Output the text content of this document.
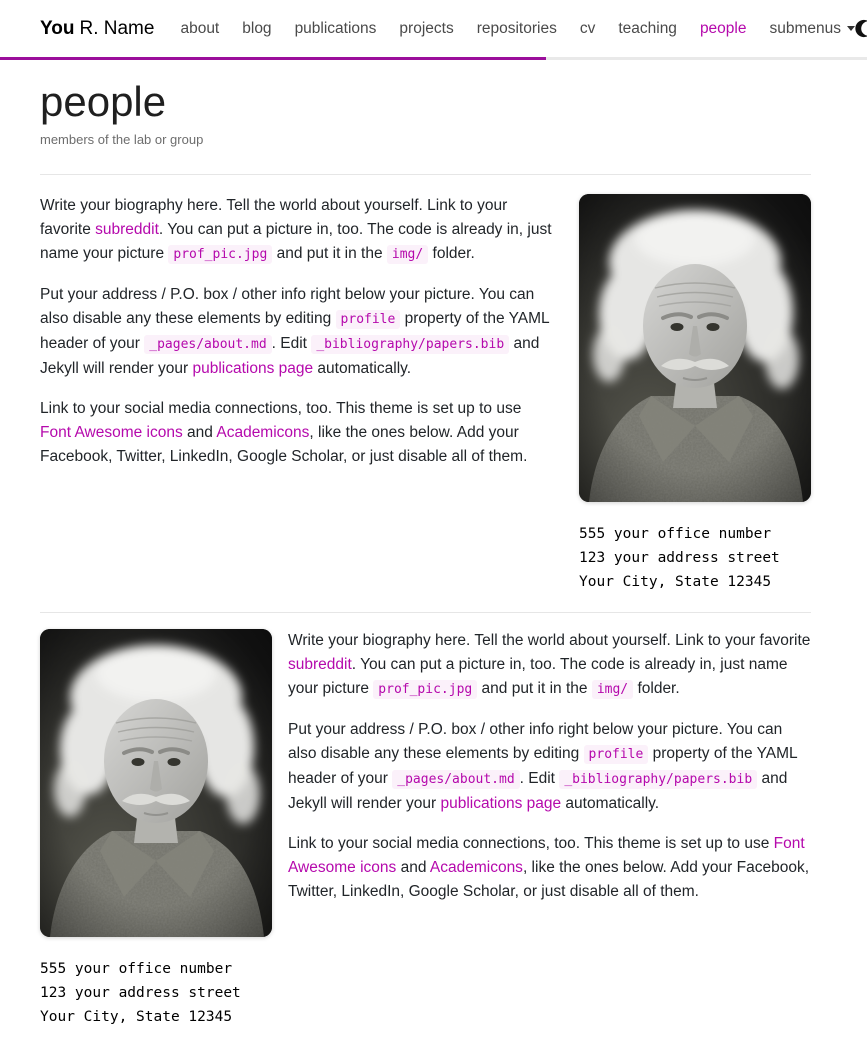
You R. Name about blog publications projects repositories cv teaching people submenus
people

members of the lab or group

Write your biography here. Tell the world about yourself. Link to your favorite subreddit. You can put a picture in, too. The code is already in, just name your picture prof_pic.jpg and put it in the img/ folder.

Put your address / P.O. box / other info right below your picture. You can also disable any these elements by editing profile property of the YAML header of your _pages/about.md . Edit _bibliography/papers.bib and Jekyll will render your publications page automatically.

Link to your social media connections, too. This theme is set up to use Font Awesome icons and Academicons, like the ones below. Add your Facebook, Twitter, LinkedIn, Google Scholar, or just disable all of them.

555 your office number

123 your address street

Your City, State 12345

555 your office number

123 your address street

Your City, State 12345

Write your biography here. Tell the world about yourself. Link to your favorite subreddit. You can put a picture in, too. The code is already in, just name your picture prof_pic.jpg and put it in the img/ folder.

Put your address / P.O. box / other info right below your picture. You can also disable any these elements by editing profile property of the YAML header of your _pages/about.md . Edit _bibliography/papers.bib and Jekyll will render your publications page automatically.

Link to your social media connections, too. This theme is set up to use Font Awesome icons and Academicons, like the ones below. Add your Facebook, Twitter, LinkedIn, Google Scholar, or just disable all of them.
